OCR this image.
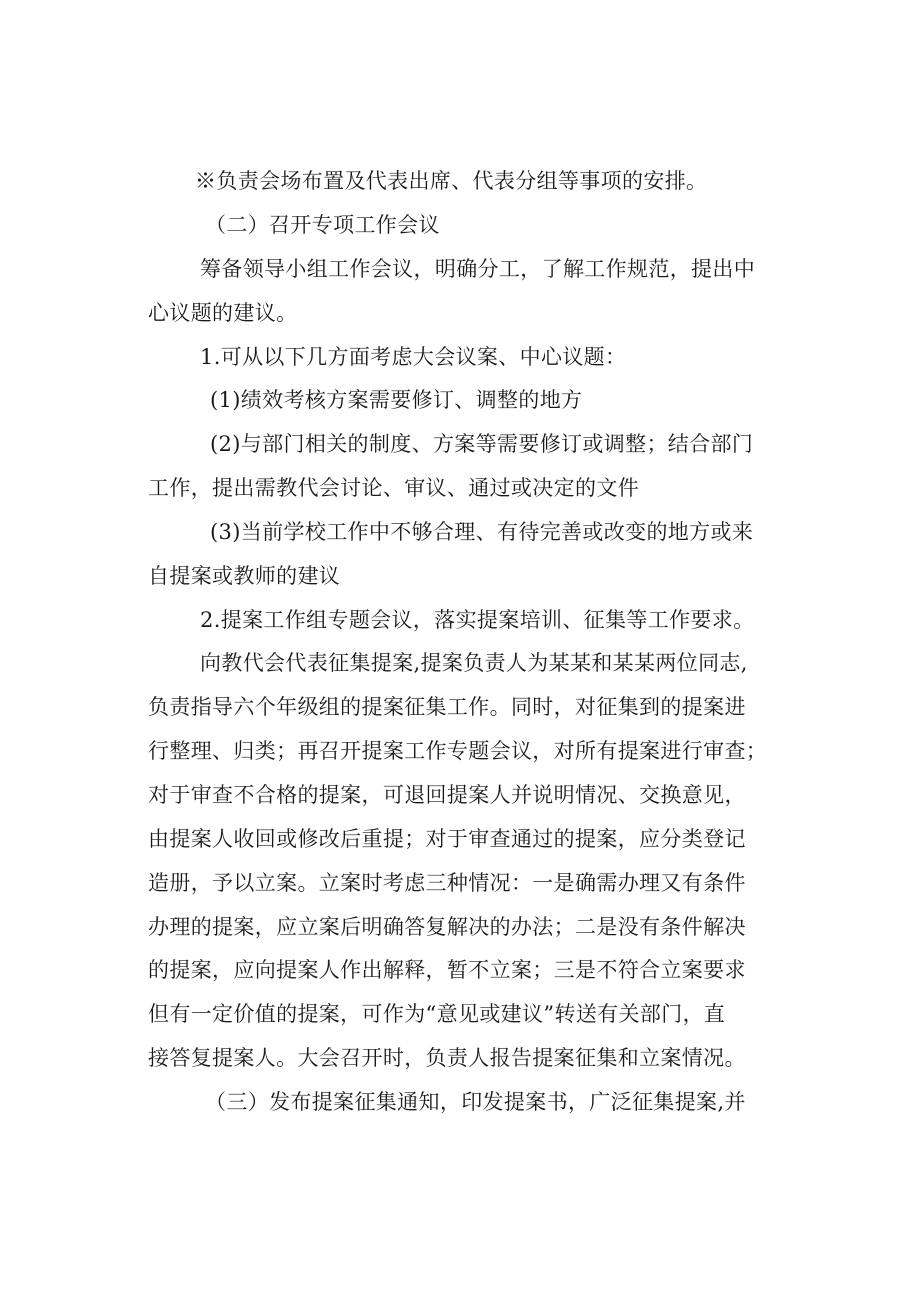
※负责会场布置及代表出席、代表分组等事项的安排。
（二）召开专项工作会议
筹备领导小组工作会议，明确分工，了解工作规范，提出中
心议题的建议。
1.可从以下几方面考虑大会议案、中心议题：
(1)绩效考核方案需要修订、调整的地方
(2)与部门相关的制度、方案等需要修订或调整；结合部门
工作，提出需教代会讨论、审议、通过或决定的文件
(3)当前学校工作中不够合理、有待完善或改变的地方或来
自提案或教师的建议
2.提案工作组专题会议，落实提案培训、征集等工作要求。
向教代会代表征集提案,提案负责人为某某和某某两位同志,
负责指导六个年级组的提案征集工作。同时，对征集到的提案进
行整理、归类；再召开提案工作专题会议，对所有提案进行审查；
对于审查不合格的提案，可退回提案人并说明情况、交换意见，
由提案人收回或修改后重提；对于审查通过的提案，应分类登记
造册，予以立案。立案时考虑三种情况：一是确需办理又有条件
办理的提案，应立案后明确答复解决的办法；二是没有条件解决
的提案，应向提案人作出解释，暂不立案；三是不符合立案要求
但有一定价值的提案，可作为“意见或建议”转送有关部门，直
接答复提案人。大会召开时，负责人报告提案征集和立案情况。
（三）发布提案征集通知，印发提案书，广泛征集提案,并
